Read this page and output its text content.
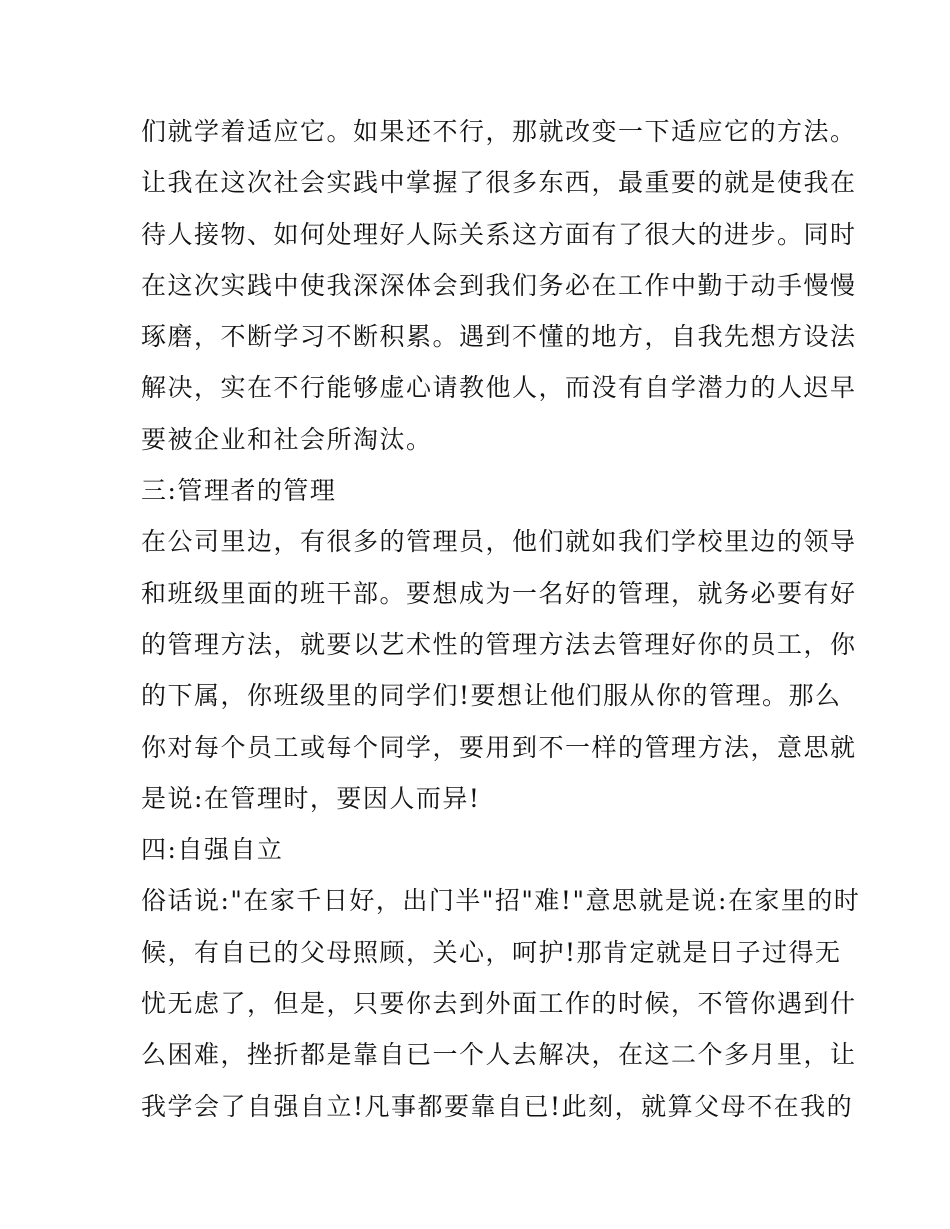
们就学着适应它。如果还不行，那就改变一下适应它的方法。
让我在这次社会实践中掌握了很多东西，最重要的就是使我在
待人接物、如何处理好人际关系这方面有了很大的进步。同时
在这次实践中使我深深体会到我们务必在工作中勤于动手慢慢
琢磨，不断学习不断积累。遇到不懂的地方，自我先想方设法
解决，实在不行能够虚心请教他人，而没有自学潜力的人迟早
要被企业和社会所淘汰。
三:管理者的管理
在公司里边，有很多的管理员，他们就如我们学校里边的领导
和班级里面的班干部。要想成为一名好的管理，就务必要有好
的管理方法，就要以艺术性的管理方法去管理好你的员工，你
的下属，你班级里的同学们!要想让他们服从你的管理。那么
你对每个员工或每个同学，要用到不一样的管理方法，意思就
是说:在管理时，要因人而异!
四:自强自立
俗话说:"在家千日好，出门半"招"难!"意思就是说:在家里的时
候，有自已的父母照顾，关心，呵护!那肯定就是日子过得无
忧无虑了，但是，只要你去到外面工作的时候，不管你遇到什
么困难，挫折都是靠自已一个人去解决，在这二个多月里，让
我学会了自强自立!凡事都要靠自已!此刻，就算父母不在我的
